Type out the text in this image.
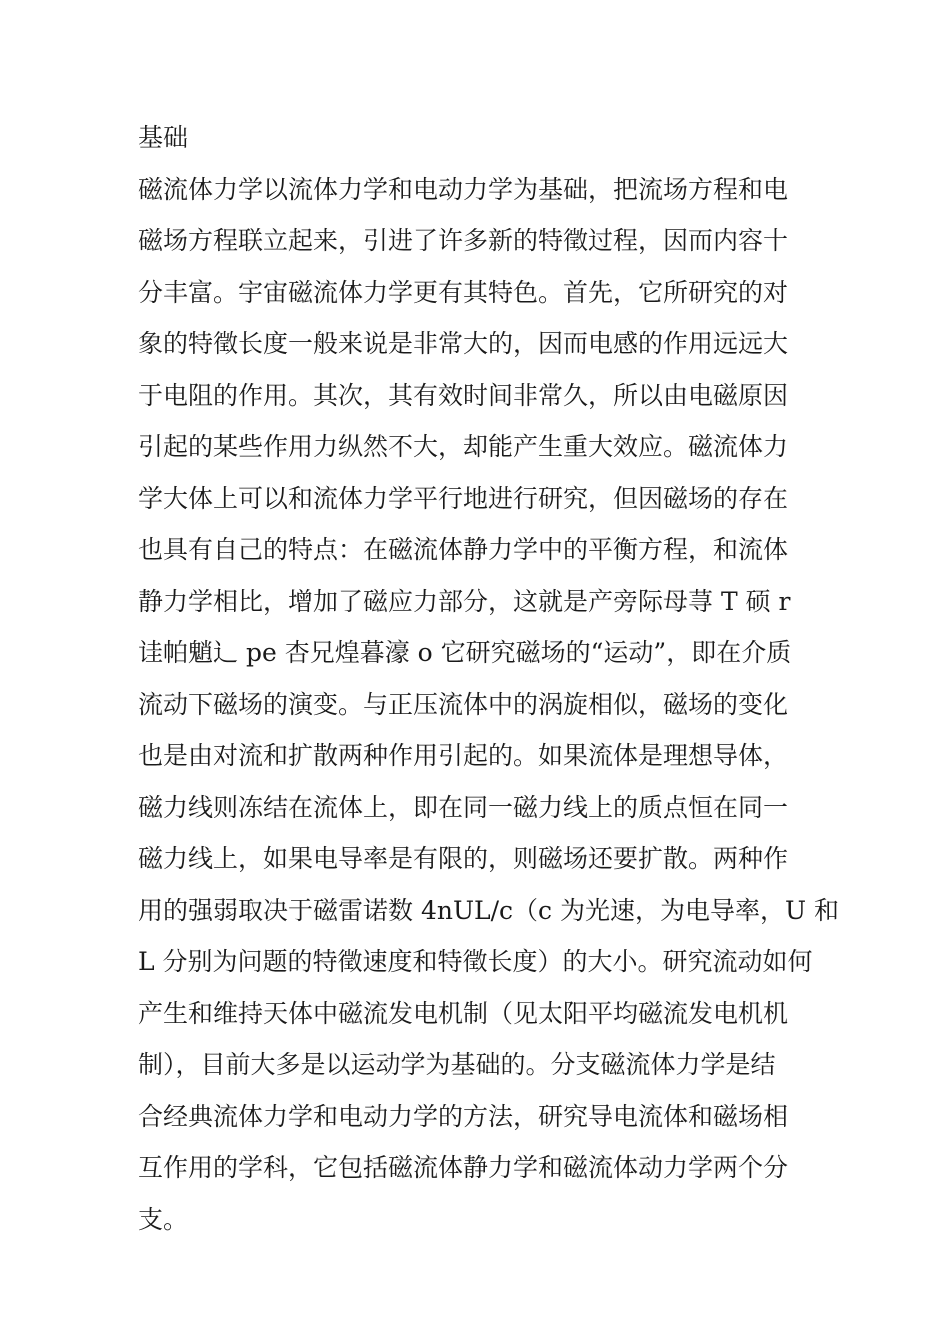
基础
磁流体力学以流体力学和电动力学为基础，把流场方程和电
磁场方程联立起来，引进了许多新的特徵过程，因而内容十
分丰富。宇宙磁流体力学更有其特色。首先，它所研究的对
象的特徵长度一般来说是非常大的，因而电感的作用远远大
于电阻的作用。其次，其有效时间非常久，所以由电磁原因
引起的某些作用力纵然不大，却能产生重大效应。磁流体力
学大体上可以和流体力学平行地进行研究，但因磁场的存在
也具有自己的特点：在磁流体静力学中的平衡方程，和流体
静力学相比，增加了磁应力部分，这就是产旁际母荨 T 硕 r
诖帕魈辶 pe 杏兄煌暮濠 o 它研究磁场的“运动”，即在介质
流动下磁场的演变。与正压流体中的涡旋相似，磁场的变化
也是由对流和扩散两种作用引起的。如果流体是理想导体，
磁力线则冻结在流体上，即在同一磁力线上的质点恒在同一
磁力线上，如果电导率是有限的，则磁场还要扩散。两种作
用的强弱取决于磁雷诺数 4nUL/c（c 为光速，为电导率，U 和
L 分别为问题的特徵速度和特徵长度）的大小。研究流动如何
产生和维持天体中磁流发电机制（见太阳平均磁流发电机机
制），目前大多是以运动学为基础的。分支磁流体力学是结
合经典流体力学和电动力学的方法，研究导电流体和磁场相
互作用的学科，它包括磁流体静力学和磁流体动力学两个分
支。
